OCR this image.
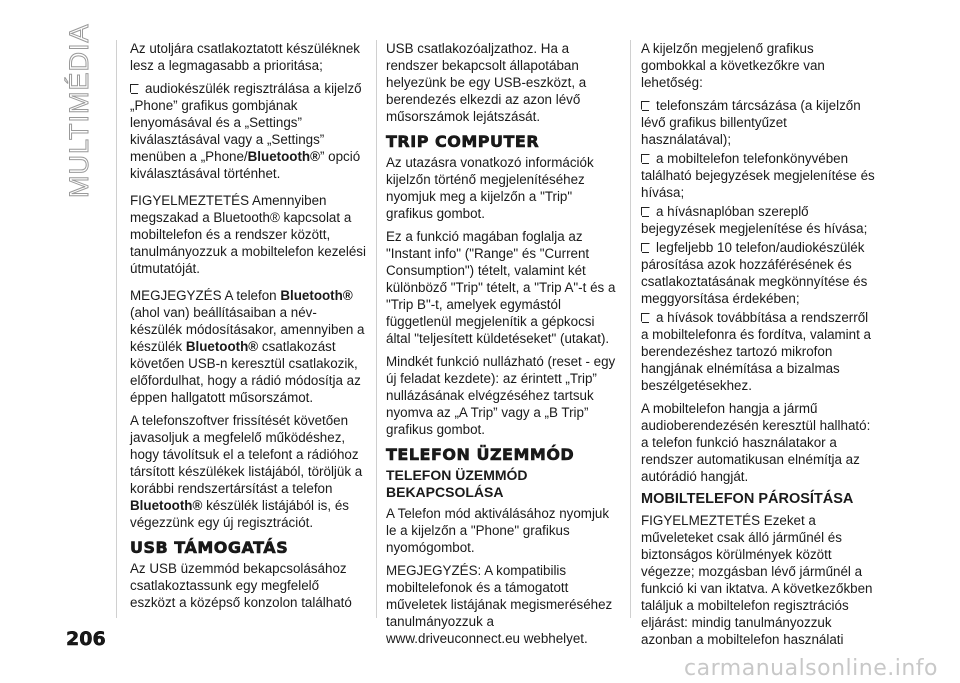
MULTIMÉDIA	Az utoljára csatlakoztatott készüléknek lesz a legmagasabb a prioritása;

audiokészülék regisztrálása a kijelző „Phone” grafikus gombjának lenyomásával és a „Settings” kiválasztásával vagy a „Settings” menüben a „Phone/Bluetooth®” opció kiválasztásával történhet.

FIGYELMEZTETÉS Amennyiben megszakad a Bluetooth® kapcsolat a mobiltelefon és a rendszer között, tanulmányozzuk a mobiltelefon kezelési útmutatóját.

MEGJEGYZÉS A telefon Bluetooth® (ahol van) beállításaiban a név-készülék módosításakor, amennyiben a készülék Bluetooth® csatlakozást követően USB-n keresztül csatlakozik, előfordulhat, hogy a rádió módosítja az éppen hallgatott műsorszámot.

A telefonszoftver frissítését követően javasoljuk a megfelelő működéshez, hogy távolítsuk el a telefont a rádióhoz társított készülékek listájából, töröljük a korábbi rendszertársítást a telefon Bluetooth® készülék listájából is, és végezzünk egy új regisztrációt.

USB TÁMOGATÁS

Az USB üzemmód bekapcsolásához csatlakoztassunk egy megfelelő eszközt a középső konzolon található

USB csatlakozóaljzathoz. Ha a rendszer bekapcsolt állapotában helyezünk be egy USB-eszközt, a berendezés elkezdi az azon lévő műsorszámok lejátszását.

TRIP COMPUTER

Az utazásra vonatkozó információk kijelzőn történő megjelenítéséhez nyomjuk meg a kijelzőn a "Trip" grafikus gombot.

Ez a funkció magában foglalja az "Instant info" ("Range" és "Current Consumption") tételt, valamint két különböző "Trip" tételt, a "Trip A"-t és a "Trip B"-t, amelyek egymástól függetlenül megjelenítik a gépkocsi által "teljesített küldetéseket" (utakat).

Mindkét funkció nullázható (reset - egy új feladat kezdete): az érintett „Trip” nullázásának elvégzéséhez tartsuk nyomva az „A Trip” vagy a „B Trip” grafikus gombot.

TELEFON ÜZEMMÓD
TELEFON ÜZEMMÓD BEKAPCSOLÁSA

A Telefon mód aktiválásához nyomjuk le a kijelzőn a "Phone" grafikus nyomógombot.

MEGJEGYZÉS: A kompatibilis mobiltelefonok és a támogatott műveletek listájának megismeréséhez tanulmányozzuk a www.driveuconnect.eu webhelyet.

A kijelzőn megjelenő grafikus gombokkal a következőkre van lehetőség:

telefonszám tárcsázása (a kijelzőn lévő grafikus billentyűzet használatával);

a mobiltelefon telefonkönyvében található bejegyzések megjelenítése és hívása;

a hívásnaplóban szereplő bejegyzések megjelenítése és hívása;

legfeljebb 10 telefon/audiokészülék párosítása azok hozzáférésének és csatlakoztatásának megkönnyítése és meggyorsítása érdekében;

a hívások továbbítása a rendszerről a mobiltelefonra és fordítva, valamint a berendezéshez tartozó mikrofon hangjának elnémítása a bizalmas beszélgetésekhez.

A mobiltelefon hangja a jármű audioberendezésén keresztül hallható: a telefon funkció használatakor a rendszer automatikusan elnémítja az autórádió hangját.

MOBILTELEFON PÁROSÍTÁSA

FIGYELMEZTETÉS Ezeket a műveleteket csak álló járműnél és biztonságos körülmények között végezze; mozgásban lévő járműnél a funkció ki van iktatva. A következőkben találjuk a mobiltelefon regisztrációs eljárást: mindig tanulmányozzuk azonban a mobiltelefon használati

206
carmanualsonline.info
